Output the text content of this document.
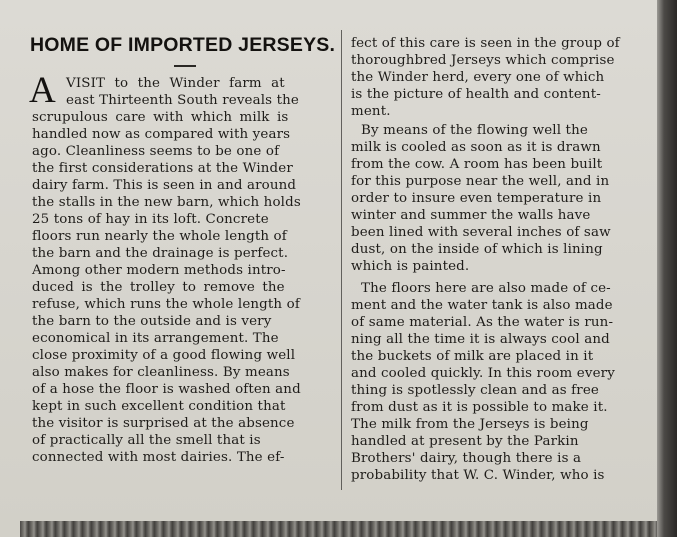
HOME OF IMPORTED JERSEYS.
A VISIT to the Winder farm at
east Thirteenth South reveals the
scrupulous care with which milk is
handled now as compared with years
ago. Cleanliness seems to be one of
the first considerations at the Winder
dairy farm. This is seen in and around
the stalls in the new barn, which holds
25 tons of hay in its loft. Concrete
floors run nearly the whole length of
the barn and the drainage is perfect.
Among other modern methods intro-
duced is the trolley to remove the
refuse, which runs the whole length of
the barn to the outside and is very
economical in its arrangement. The
close proximity of a good flowing well
also makes for cleanliness. By means
of a hose the floor is washed often and
kept in such excellent condition that
the visitor is surprised at the absence
of practically all the smell that is
connected with most dairies. The ef-
fect of this care is seen in the group of
thoroughbred Jerseys which comprise
the Winder herd, every one of which
is the picture of health and content-
ment.
By means of the flowing well the
milk is cooled as soon as it is drawn
from the cow. A room has been built
for this purpose near the well, and in
order to insure even temperature in
winter and summer the walls have
been lined with several inches of saw
dust, on the inside of which is lining
which is painted.
The floors here are also made of ce-
ment and the water tank is also made
of same material. As the water is run-
ning all the time it is always cool and
the buckets of milk are placed in it
and cooled quickly. In this room every
thing is spotlessly clean and as free
from dust as it is possible to make it.
The milk from the Jerseys is being
handled at present by the Parkin
Brothers' dairy, though there is a
probability that W. C. Winder, who is
